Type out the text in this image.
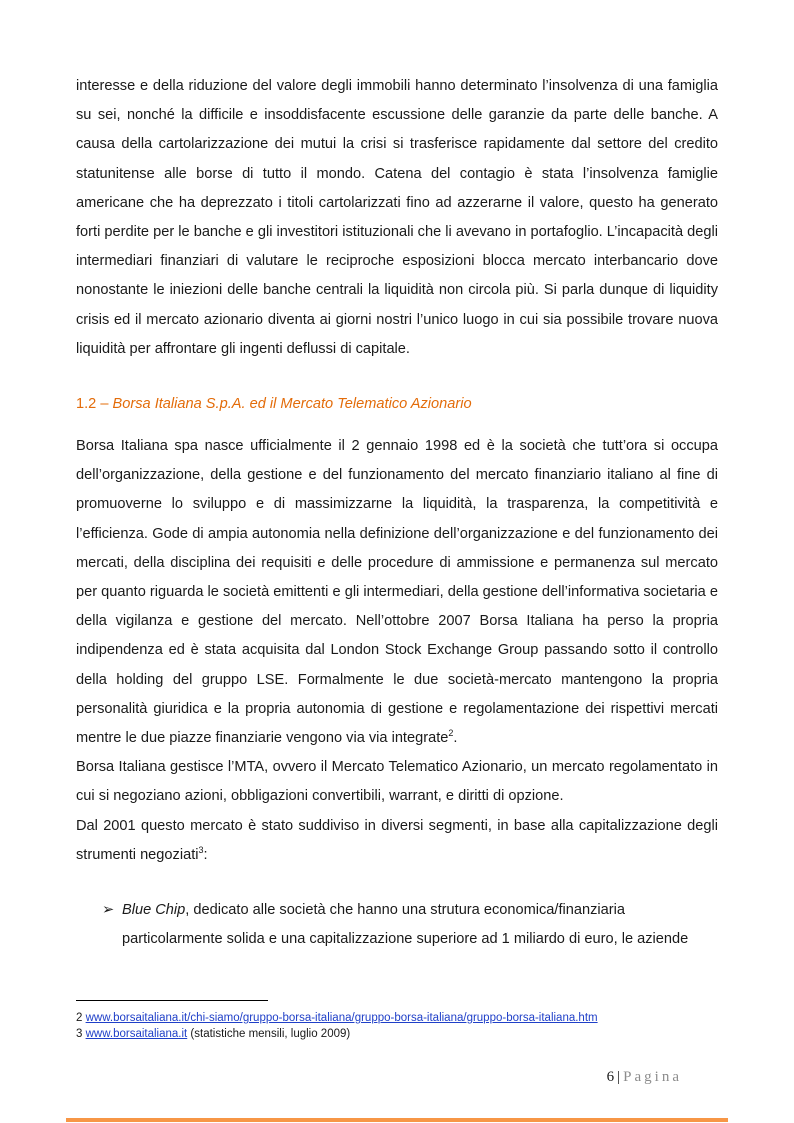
interesse e della riduzione del valore degli immobili hanno determinato l’insolvenza di una famiglia su sei, nonché la difficile e insoddisfacente escussione delle garanzie da parte delle banche. A causa della cartolarizzazione dei mutui la crisi si trasferisce rapidamente dal settore del credito statunitense alle borse di tutto il mondo. Catena del contagio è stata l’insolvenza famiglie americane che ha deprezzato i titoli cartolarizzati fino ad azzerarne il valore, questo ha generato forti perdite per le banche e gli investitori istituzionali che li avevano in portafoglio. L’incapacità degli intermediari finanziari di valutare le reciproche esposizioni blocca mercato interbancario dove nonostante le iniezioni delle banche centrali la liquidità non circola più. Si parla dunque di liquidity crisis ed il mercato azionario diventa ai giorni nostri l’unico luogo in cui sia possibile trovare nuova liquidità per affrontare gli ingenti deflussi di capitale.

1.2 – Borsa Italiana S.p.A. ed il Mercato Telematico Azionario

Borsa Italiana spa nasce ufficialmente il 2 gennaio 1998 ed è la società che tutt’ora si occupa dell’organizzazione, della gestione e del funzionamento del mercato finanziario italiano al fine di promuoverne lo sviluppo e di massimizzarne la liquidità, la trasparenza, la competitività e l’efficienza. Gode di ampia autonomia nella definizione dell’organizzazione e del funzionamento dei mercati, della disciplina dei requisiti e delle procedure di ammissione e permanenza sul mercato per quanto riguarda le società emittenti e gli intermediari, della gestione dell’informativa societaria e della vigilanza e gestione del mercato. Nell’ottobre 2007 Borsa Italiana ha perso la propria indipendenza ed è stata acquisita dal London Stock Exchange Group passando sotto il controllo della holding del gruppo LSE. Formalmente le due società-mercato mantengono la propria personalità giuridica e la propria autonomia di gestione e regolamentazione dei rispettivi mercati mentre le due piazze finanziarie vengono via via integrate$^2$.

Borsa Italiana gestisce l’MTA, ovvero il Mercato Telematico Azionario, un mercato regolamentato in cui si negoziano azioni, obbligazioni convertibili, warrant, e diritti di opzione.

Dal 2001 questo mercato è stato suddiviso in diversi segmenti, in base alla capitalizzazione degli strumenti negoziati$^3$:

➢ Blue Chip, dedicato alle società che hanno una strutura economica/finanziaria particolarmente solida e una capitalizzazione superiore ad 1 miliardo di euro, le aziende
2 www.borsaitaliana.it/chi-siamo/gruppo-borsa-italiana/gruppo-borsa-italiana/gruppo-borsa-italiana.htm
3 www.borsaitaliana.it (statistiche mensili, luglio 2009)
6 | Pagina
